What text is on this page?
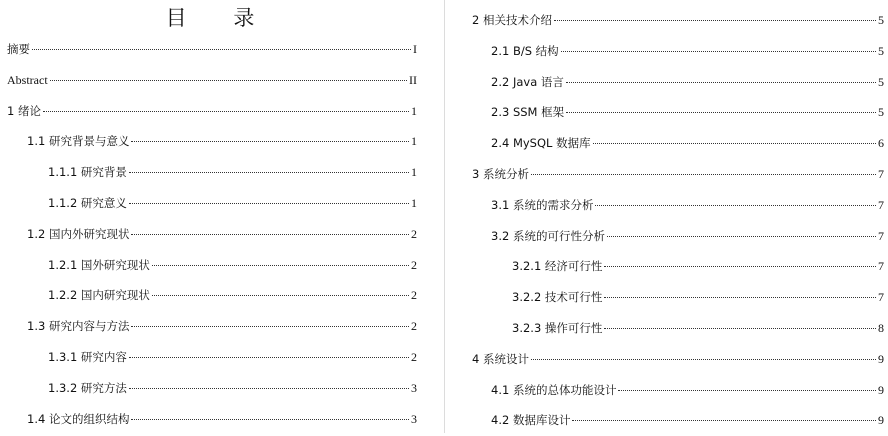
目 录
摘要	I
Abstract	II
1 绪论	1
1.1 研究背景与意义	1
1.1.1 研究背景	1
1.1.2 研究意义	1
1.2 国内外研究现状	2
1.2.1 国外研究现状	2
1.2.2 国内研究现状	2
1.3 研究内容与方法	2
1.3.1 研究内容	2
1.3.2 研究方法	3
1.4 论文的组织结构	3
2 相关技术介绍	5
2.1 B/S 结构	5
2.2 Java 语言	5
2.3 SSM 框架	5
2.4 MySQL 数据库	6
3 系统分析	7
3.1 系统的需求分析	7
3.2 系统的可行性分析	7
3.2.1 经济可行性	7
3.2.2 技术可行性	7
3.2.3 操作可行性	8
4 系统设计	9
4.1 系统的总体功能设计	9
4.2 数据库设计	9
